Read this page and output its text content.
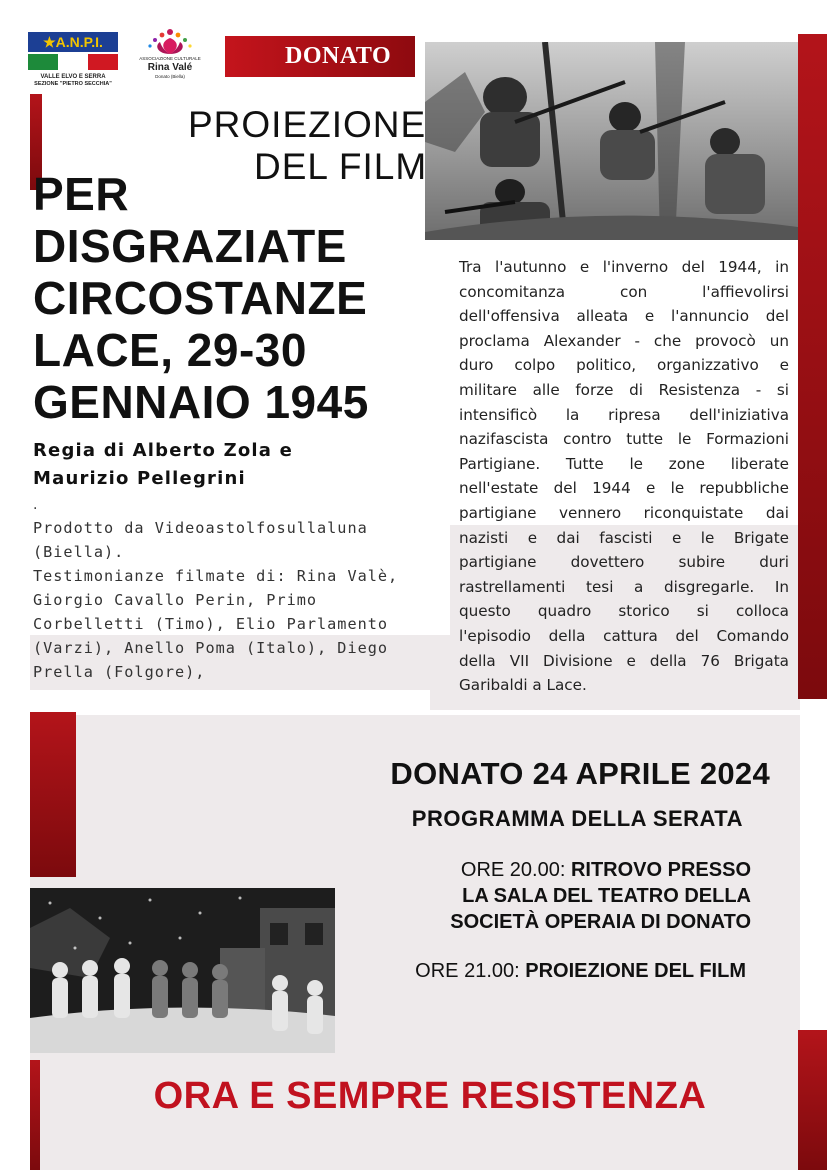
★A.N.P.I.
VALLE ELVO E SERRA
SEZIONE "PIETRO SECCHIA"
ASSOCIAZIONE CULTURALE
Rina Valé
Donato (Biella)
DONATO
PROIEZIONE
DEL FILM
PER
DISGRAZIATE
CIRCOSTANZE
LACE, 29-30
GENNAIO 1945
Regia di Alberto Zola e
Maurizio Pellegrini
.
Prodotto da Videoastolfosullaluna
(Biella).
Testimonianze filmate di: Rina Valè,
Giorgio Cavallo Perin, Primo
Corbelletti (Timo), Elio Parlamento
(Varzi), Anello Poma (Italo), Diego
Prella (Folgore),
Tra l'autunno e l'inverno del 1944, in
concomitanza con l'affievolirsi
dell'offensiva alleata e l'annuncio del
proclama Alexander - che provocò un
duro colpo politico, organizzativo e
militare alle forze di Resistenza - si
intensificò la ripresa dell'iniziativa
nazifascista contro tutte le Formazioni
Partigiane. Tutte le zone liberate
nell'estate del 1944 e le repubbliche
partigiane vennero riconquistate dai
nazisti e dai fascisti e le Brigate
partigiane dovettero subire duri
rastrellamenti tesi a disgregarle. In
questo quadro storico si colloca
l'episodio della cattura del Comando
della VII Divisione e della 76 Brigata
Garibaldi a Lace.
DONATO 24 APRILE 2024
PROGRAMMA DELLA SERATA
ORE 20.00: RITROVO PRESSO
LA SALA DEL TEATRO DELLA
SOCIETÀ OPERAIA DI DONATO
ORE 21.00: PROIEZIONE DEL FILM
ORA E SEMPRE RESISTENZA
